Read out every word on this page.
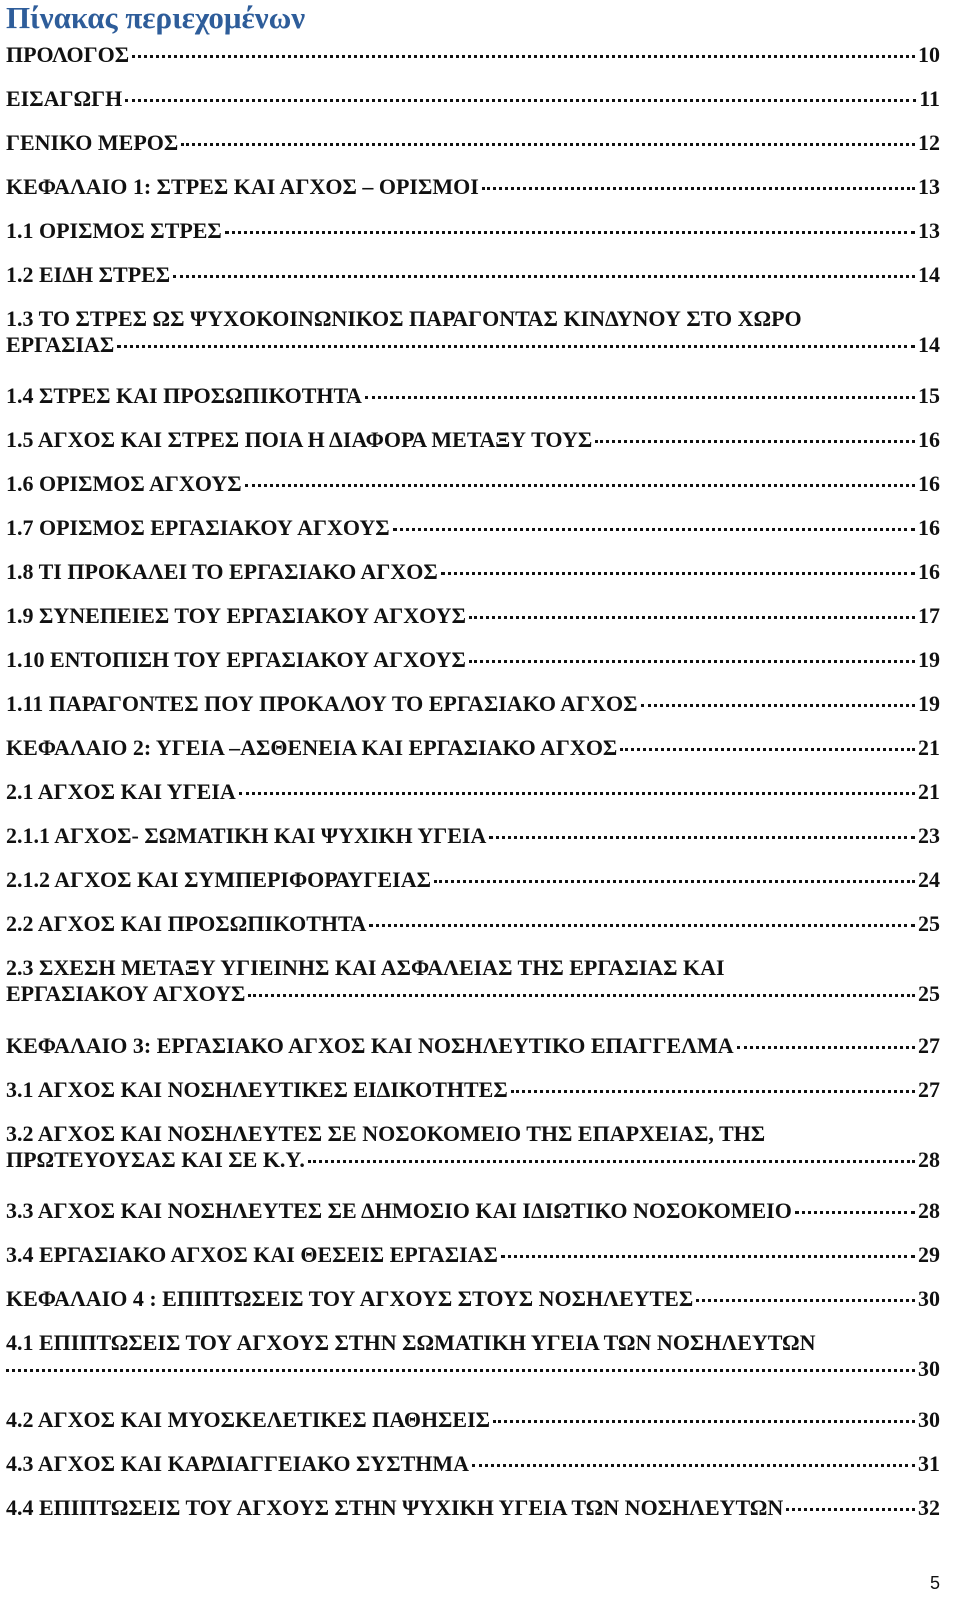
Πίνακας περιεχομένων
ΠΡΟΛΟΓΟΣ	10
ΕΙΣΑΓΩΓΗ	11
ΓΕΝΙΚΟ ΜΕΡΟΣ	12
ΚΕΦΑΛΑΙΟ 1: ΣΤΡΕΣ ΚΑΙ ΑΓΧΟΣ – ΟΡΙΣΜΟΙ	13
1.1 ΟΡΙΣΜΟΣ ΣΤΡΕΣ	13
1.2 ΕΙΔΗ ΣΤΡΕΣ	14
1.3 ΤΟ ΣΤΡΕΣ ΩΣ ΨΥΧΟΚΟΙΝΩΝΙΚΟΣ ΠΑΡΑΓΟΝΤΑΣ ΚΙΝΔΥΝΟΥ ΣΤΟ ΧΩΡΟ
ΕΡΓΑΣΙΑΣ	14
1.4 ΣΤΡΕΣ ΚΑΙ ΠΡΟΣΩΠΙΚΟΤΗΤΑ	15
1.5 ΑΓΧΟΣ ΚΑΙ ΣΤΡΕΣ ΠΟΙΑ Η ΔΙΑΦΟΡΑ ΜΕΤΑΞΥ ΤΟΥΣ	16
1.6 ΟΡΙΣΜΟΣ ΑΓΧΟΥΣ	16
1.7 ΟΡΙΣΜΟΣ ΕΡΓΑΣΙΑΚΟΥ ΑΓΧΟΥΣ	16
1.8 ΤΙ ΠΡΟΚΑΛΕΙ ΤΟ ΕΡΓΑΣΙΑΚΟ ΑΓΧΟΣ	16
1.9 ΣΥΝΕΠΕΙΕΣ ΤΟΥ ΕΡΓΑΣΙΑΚΟΥ ΑΓΧΟΥΣ	17
1.10 ΕΝΤΟΠΙΣΗ ΤΟΥ ΕΡΓΑΣΙΑΚΟΥ ΑΓΧΟΥΣ	19
1.11 ΠΑΡΑΓΟΝΤΕΣ ΠΟΥ ΠΡΟΚΑΛΟΥ ΤΟ ΕΡΓΑΣΙΑΚΟ ΑΓΧΟΣ	19
ΚΕΦΑΛΑΙΟ 2: ΥΓΕΙΑ –ΑΣΘΕΝΕΙΑ ΚΑΙ ΕΡΓΑΣΙΑΚΟ ΑΓΧΟΣ	21
2.1 ΑΓΧΟΣ ΚΑΙ ΥΓΕΙΑ	21
2.1.1 ΑΓΧΟΣ- ΣΩΜΑΤΙΚΗ ΚΑΙ ΨΥΧΙΚΗ ΥΓΕΙΑ	23
2.1.2 ΑΓΧΟΣ ΚΑΙ ΣΥΜΠΕΡΙΦΟΡΑΥΓΕΙΑΣ	24
2.2 ΑΓΧΟΣ ΚΑΙ ΠΡΟΣΩΠΙΚΟΤΗΤΑ	25
2.3 ΣΧΕΣΗ ΜΕΤΑΞΥ ΥΓΙΕΙΝΗΣ ΚΑΙ ΑΣΦΑΛΕΙΑΣ ΤΗΣ ΕΡΓΑΣΙΑΣ ΚΑΙ
ΕΡΓΑΣΙΑΚΟΥ ΑΓΧΟΥΣ	25
ΚΕΦΑΛΑΙΟ 3: ΕΡΓΑΣΙΑΚΟ ΑΓΧΟΣ ΚΑΙ ΝΟΣΗΛΕΥΤΙΚΟ ΕΠΑΓΓΕΛΜΑ	27
3.1 ΑΓΧΟΣ ΚΑΙ ΝΟΣΗΛΕΥΤΙΚΕΣ ΕΙΔΙΚΟΤΗΤΕΣ	27
3.2 ΑΓΧΟΣ ΚΑΙ ΝΟΣΗΛΕΥΤΕΣ ΣΕ ΝΟΣΟΚΟΜΕΙΟ ΤΗΣ ΕΠΑΡΧΕΙΑΣ, ΤΗΣ
ΠΡΩΤΕΥΟΥΣΑΣ ΚΑΙ ΣΕ Κ.Υ.	28
3.3 ΑΓΧΟΣ ΚΑΙ ΝΟΣΗΛΕΥΤΕΣ ΣΕ ΔΗΜΟΣΙΟ ΚΑΙ ΙΔΙΩΤΙΚΟ ΝΟΣΟΚΟΜΕΙΟ	28
3.4 ΕΡΓΑΣΙΑΚΟ ΑΓΧΟΣ ΚΑΙ ΘΕΣΕΙΣ ΕΡΓΑΣΙΑΣ	29
ΚΕΦΑΛΑΙΟ 4 : ΕΠΙΠΤΩΣΕΙΣ ΤΟΥ ΑΓΧΟΥΣ ΣΤΟΥΣ ΝΟΣΗΛΕΥΤΕΣ	30
4.1 ΕΠΙΠΤΩΣΕΙΣ ΤΟΥ ΑΓΧΟΥΣ ΣΤΗΝ ΣΩΜΑΤΙΚΗ ΥΓΕΙΑ ΤΩΝ ΝΟΣΗΛΕΥΤΩΝ
30
4.2 ΑΓΧΟΣ ΚΑΙ ΜΥΟΣΚΕΛΕΤΙΚΕΣ ΠΑΘΗΣΕΙΣ	30
4.3 ΑΓΧΟΣ ΚΑΙ ΚΑΡΔΙΑΓΓΕΙΑΚΟ ΣΥΣΤΗΜΑ	31
4.4 ΕΠΙΠΤΩΣΕΙΣ ΤΟΥ ΑΓΧΟΥΣ ΣΤΗΝ ΨΥΧΙΚΗ ΥΓΕΙΑ ΤΩΝ ΝΟΣΗΛΕΥΤΩΝ	32
5
